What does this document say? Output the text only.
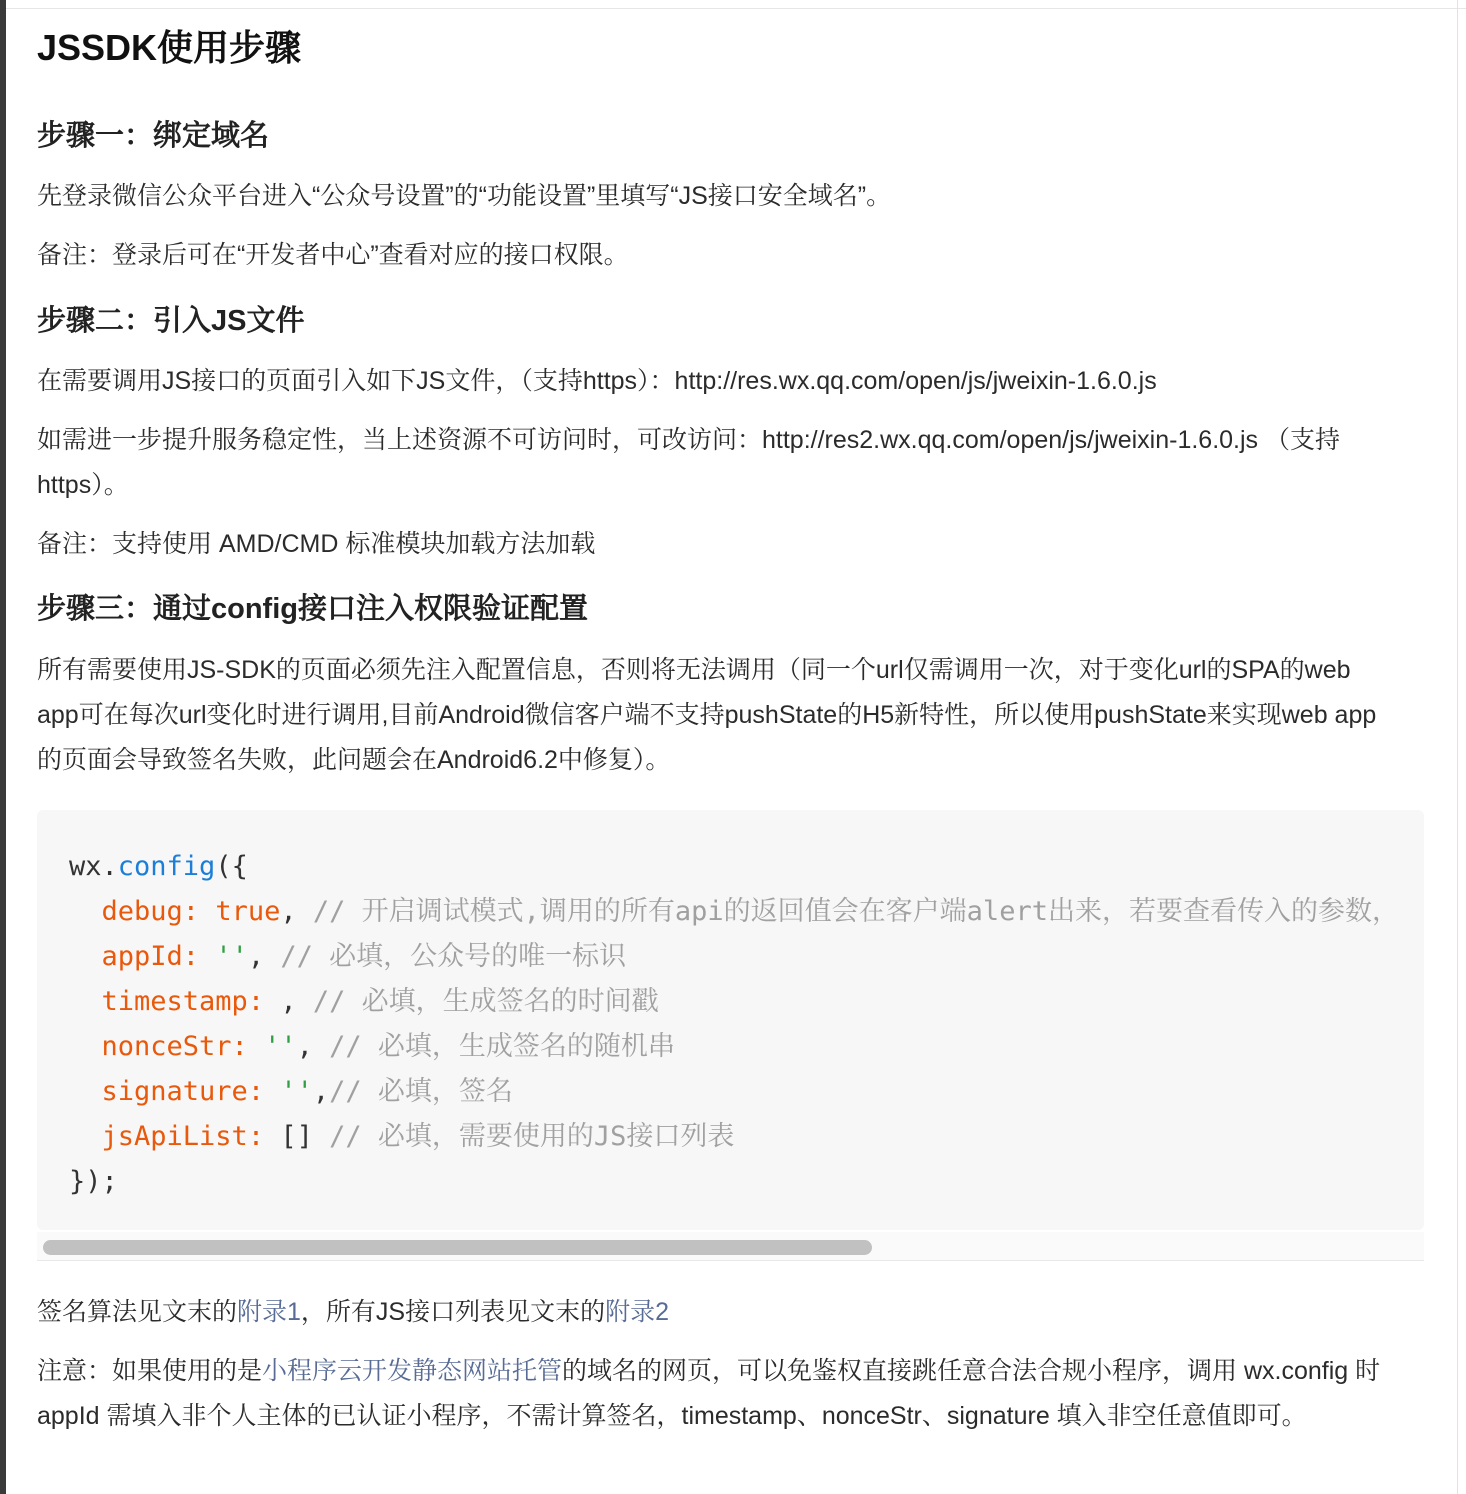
JSSDK使用步骤
步骤一：绑定域名

先登录微信公众平台进入“公众号设置”的“功能设置”里填写“JS接口安全域名”。

备注：登录后可在“开发者中心”查看对应的接口权限。

步骤二：引入JS文件

在需要调用JS接口的页面引入如下JS文件，（支持https）：http://res.wx.qq.com/open/js/jweixin-1.6.0.js

如需进一步提升服务稳定性，当上述资源不可访问时，可改访问：http://res2.wx.qq.com/open/js/jweixin-1.6.0.js （支持https）。

备注：支持使用 AMD/CMD 标准模块加载方法加载

步骤三：通过config接口注入权限验证配置

所有需要使用JS-SDK的页面必须先注入配置信息，否则将无法调用（同一个url仅需调用一次，对于变化url的SPA的web app可在每次url变化时进行调用,目前Android微信客户端不支持pushState的H5新特性，所以使用pushState来实现web app的页面会导致签名失败，此问题会在Android6.2中修复）。

wx.config({
debug: true, // 开启调试模式,调用的所有api的返回值会在客户端alert出来，若要查看传入的参数，
appId: '', // 必填，公众号的唯一标识
timestamp: , // 必填，生成签名的时间戳
nonceStr: '', // 必填，生成签名的随机串
signature: '',// 必填，签名
jsApiList: [] // 必填，需要使用的JS接口列表
});

签名算法见文末的附录1，所有JS接口列表见文末的附录2

注意：如果使用的是小程序云开发静态网站托管的域名的网页，可以免鉴权直接跳任意合法合规小程序，调用 wx.config 时 appId 需填入非个人主体的已认证小程序，不需计算签名，timestamp、nonceStr、signature 填入非空任意值即可。
